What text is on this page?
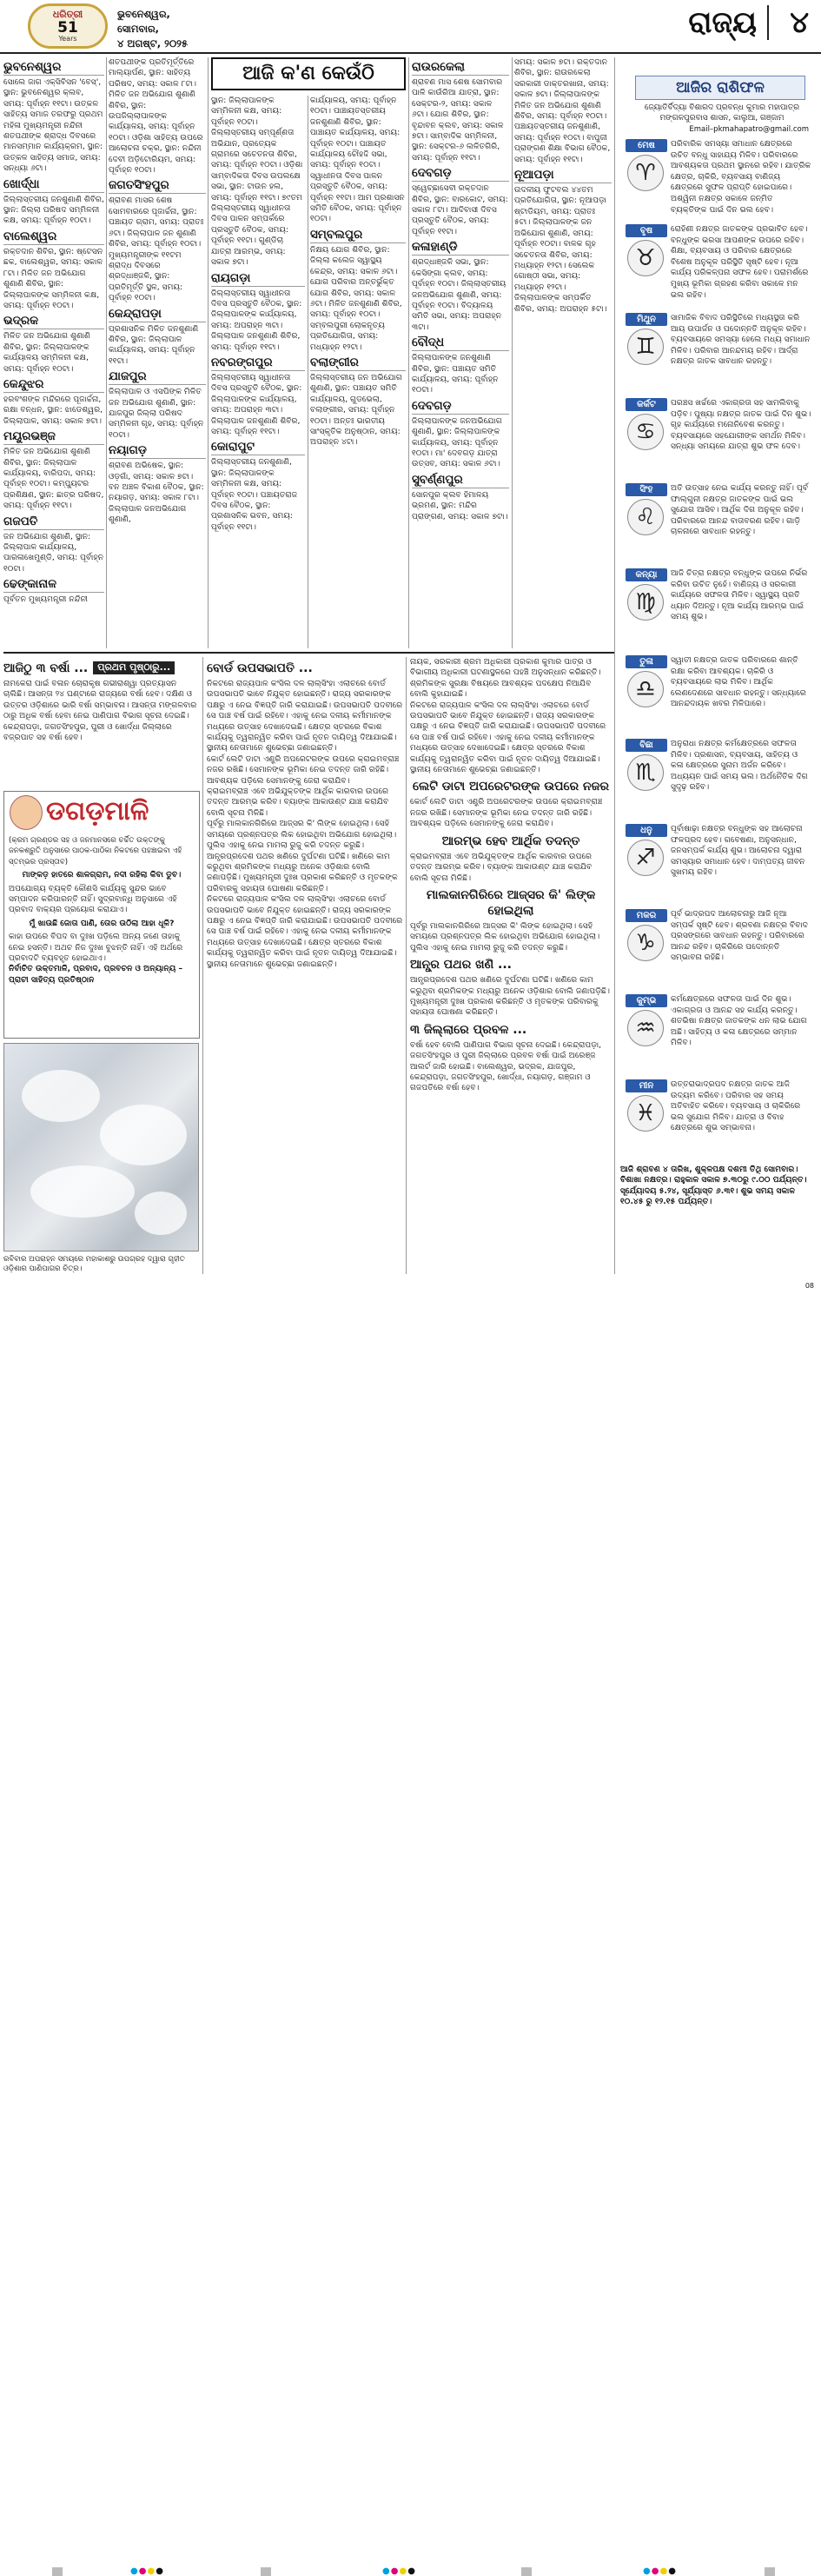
ଧରିତ୍ରୀ
51
Years
ଭୁବନେଶ୍ୱର, ସୋମବାର,
୪ ଅଗଷ୍ଟ, ୨୦୨୫
ରାଜ୍ୟ	୪
ଆଜି କ'ଣ କେଉଁଠି
ଭୁବନେଶ୍ୱର

ସୋଲେ ଜାଗ ଏକ୍ସିବିସନ 'ବେସ୍', ସ୍ଥାନ: ଭୁବନେଶ୍ୱର କ୍ଲବ, ସମୟ: ପୂର୍ବାହ୍ନ ୧୧ଟା। ଉତ୍କଳ ସାହିତ୍ୟ ସମାଜ ତରଫରୁ ପ୍ରଥମ ମହିଳା ମୁଖ୍ୟମନ୍ତ୍ରୀ ନନ୍ଦିନୀ ଶତପଥୀଙ୍କ ଶ୍ରାଦ୍ଧ ଦିବସରେ ମାନସମ୍ମାନ କାର୍ଯ୍ୟକ୍ରମ, ସ୍ଥାନ: ଉତ୍କଳ ସାହିତ୍ୟ ସମାଜ, ସମୟ: ସନ୍ଧ୍ୟା ୬ଟା।

ଖୋର୍ଦ୍ଧା

ଜିଲ୍ଲାସ୍ତରୀୟ ଜନଶୁଣାଣି ଶିବିର, ସ୍ଥାନ: ଜିଲ୍ଲା ପରିଷଦ ସମ୍ମିଳନୀ କକ୍ଷ, ସମୟ: ପୂର୍ବାହ୍ନ ୧୦ଟା।

ବାଲେଶ୍ୱର

ରକ୍ତଦାନ ଶିବିର, ସ୍ଥାନ: ଷ୍ଟେସନ ଛକ, ବାଲେଶ୍ୱର, ସମୟ: ସକାଳ ୮ଟା। ମିଳିତ ଜନ ଅଭିଯୋଗ ଶୁଣାଣି ଶିବିର, ସ୍ଥାନ: ଜିଲ୍ଲାପାଳଙ୍କ ସମ୍ମିଳନୀ କକ୍ଷ, ସମୟ: ପୂର୍ବାହ୍ନ ୧୦ଟା।

ଭଦ୍ରକ

ମିଳିତ ଜନ ଅଭିଯୋଗ ଶୁଣାଣି ଶିବିର, ସ୍ଥାନ: ଜିଲ୍ଲାପାଳଙ୍କ କାର୍ଯ୍ୟାଳୟ ସମ୍ମିଳନୀ କକ୍ଷ, ସମୟ: ପୂର୍ବାହ୍ନ ୧୦ଟା।

କେନ୍ଦୁଝର

ହରବଂଶଙ୍କ ମନ୍ଦିରରେ ପୂଜାର୍ଚ୍ଚନା, ରକ୍ଷା ବନ୍ଧନ, ସ୍ଥାନ: ଝାଡେଶ୍ୱର, ଜିଲ୍ଲାପାଳ, ସମୟ: ସକାଳ ୭ଟା।

ମୟୂରଭଞ୍ଜ

ମିଳିତ ଜନ ଅଭିଯୋଗ ଶୁଣାଣି ଶିବିର, ସ୍ଥାନ: ଜିଲ୍ଲାପାଳ କାର୍ଯ୍ୟାଳୟ, ବାରିପଦା, ସମୟ: ପୂର୍ବାହ୍ନ ୧୦ଟା। କମ୍ପ୍ୟୁଟର ପ୍ରଶିକ୍ଷଣ, ସ୍ଥାନ: ଛାତ୍ର ପରିଷଦ, ସମୟ: ପୂର୍ବାହ୍ନ ୧୧ଟା।

ଗଜପତି

ଜନ ଅଭିଯୋଗ ଶୁଣାଣି, ସ୍ଥାନ: ଜିଲ୍ଲାପାଳ କାର୍ଯ୍ୟାଳୟ, ପାରଳାଖେମୁଣ୍ଡି, ସମୟ: ପୂର୍ବାହ୍ନ ୧୦ଟା।

ଢେଙ୍କାନାଳ

ପୂର୍ବତନ ମୁଖ୍ୟମନ୍ତ୍ରୀ ନନ୍ଦିନୀ

ଶତପଥୀଙ୍କ ପ୍ରତିମୂର୍ତ୍ତିରେ ମାଲ୍ୟାର୍ପଣ, ସ୍ଥାନ: ସାହିତ୍ୟ ପରିଷଦ, ସମୟ: ସକାଳ ୮ଟା। ମିଳିତ ଜନ ଅଭିଯୋଗ ଶୁଣାଣି ଶିବିର, ସ୍ଥାନ: ଉପଜିଲ୍ଲାପାଳଙ୍କ କାର୍ଯ୍ୟାଳୟ, ସମୟ: ପୂର୍ବାହ୍ନ ୧୦ଟା। ଓଡ଼ିଶା ସାହିତ୍ୟ ଉପରେ ଆଲୋଚନା ଚକ୍ର, ସ୍ଥାନ: ନନ୍ଦିନୀ ଦେବୀ ଅଡ଼ିଟୋରିୟମ, ସମୟ: ପୂର୍ବାହ୍ନ ୧୦ଟା।

ଜଗତସିଂହପୁର

ଶ୍ରାବଣ ମାସର ଶେଷ ସୋମବାରରେ ପୂଜାର୍ଚ୍ଚନା, ସ୍ଥାନ: ପଞ୍ଚାୟତ ଗ୍ରାମ, ସମୟ: ପ୍ରାତଃ ୬ଟା। ଜିଲ୍ଲାପାଳ ଜନ ଶୁଣାଣି ଶିବିର, ସମୟ: ପୂର୍ବାହ୍ନ ୧୦ଟା। ମୁଖ୍ୟମନ୍ତ୍ରୀଙ୍କ ୧୧ଟମ ଶ୍ରାଦ୍ଧ ଦିବସରେ ଶ୍ରଦ୍ଧାଞ୍ଜଳି, ସ୍ଥାନ: ପ୍ରତିମୂର୍ତ୍ତି ସ୍ଥଳ, ସମୟ: ପୂର୍ବାହ୍ନ ୧୦ଟା।

କେନ୍ଦ୍ରାପଡ଼ା

ପ୍ରଶାସନିକ ମିଳିତ ଜନଶୁଣାଣି ଶିବିର, ସ୍ଥାନ: ଜିଲ୍ଲାପାଳ କାର୍ଯ୍ୟାଳୟ, ସମୟ: ପୂର୍ବାହ୍ନ ୧୧ଟା।

ଯାଜପୁର

ଜିଲ୍ଲାପାଳ ଓ ଏସପିଙ୍କ ମିଳିତ ଜନ ଅଭିଯୋଗ ଶୁଣାଣି, ସ୍ଥାନ: ଯାଜପୁର ଜିଲ୍ଲା ପରିଷଦ ସମ୍ମିଳନୀ ଗୃହ, ସମୟ: ପୂର୍ବାହ୍ନ ୧୦ଟା।

ନୟାଗଡ଼

ଶ୍ରାବଣ ଅଭିଷେକ, ସ୍ଥାନ: ଓଡ଼ଗାଁ, ସମୟ: ସକାଳ ୭ଟା। ବନ ଅଞ୍ଚଳ ବିକାଶ ବୈଠକ, ସ୍ଥାନ: ନୟାଗଡ଼, ସମୟ: ସକାଳ ୮ଟା। ଜିଲ୍ଲାପାଳ ଜନଅଭିଯୋଗ ଶୁଣାଣି,

ସ୍ଥାନ: ଜିଲ୍ଲାପାଳଙ୍କ ସମ୍ମିଳନୀ କକ୍ଷ, ସମୟ: ପୂର୍ବାହ୍ନ ୧୦ଟା। ଜିଲ୍ଲାସ୍ତରୀୟ ସମ୍ପୂର୍ଣ୍ଣତା ଅଭିଯାନ, ପ୍ରତ୍ୟେକ ଗ୍ରାମରେ ସଚେତନତା ଶିବିର, ସମୟ: ପୂର୍ବାହ୍ନ ୧୦ଟା। ଓଡ଼ିଶା ସାମ୍ବାଦିକତା ଦିବସ ଉପଲକ୍ଷେ ସଭା, ସ୍ଥାନ: ଟାଉନ ହଲ, ସମୟ: ପୂର୍ବାହ୍ନ ୧୧ଟା। ୭୯ତମ ଜିଲ୍ଲାସ୍ତରୀୟ ସ୍ୱାଧୀନତା ଦିବସ ପାଳନ ସମ୍ପର୍କରେ ପ୍ରସ୍ତୁତି ବୈଠକ, ସମୟ: ପୂର୍ବାହ୍ନ ୧୧ଟା। ଗୁଣ୍ଡିଚା ଯାତ୍ରା ଆରମ୍ଭ, ସମୟ: ସକାଳ ୭ଟା।

ରାୟଗଡ଼ା

ଜିଲ୍ଲାସ୍ତରୀୟ ସ୍ୱାଧୀନତା ଦିବସ ପ୍ରସ୍ତୁତି ବୈଠକ, ସ୍ଥାନ: ଜିଲ୍ଲାପାଳଙ୍କ କାର୍ଯ୍ୟାଳୟ, ସମୟ: ଅପରାହ୍ନ ୩ଟା। ଜିଲ୍ଲାପାଳ ଜନଶୁଣାଣି ଶିବିର, ସମୟ: ପୂର୍ବାହ୍ନ ୧୧ଟା।

ନବରଙ୍ଗପୁର

ଜିଲ୍ଲାସ୍ତରୀୟ ସ୍ୱାଧୀନତା ଦିବସ ପ୍ରସ୍ତୁତି ବୈଠକ, ସ୍ଥାନ: ଜିଲ୍ଲାପାଳଙ୍କ କାର୍ଯ୍ୟାଳୟ, ସମୟ: ଅପରାହ୍ନ ୩ଟା। ଜିଲ୍ଲାପାଳ ଜନଶୁଣାଣି ଶିବିର, ସମୟ: ପୂର୍ବାହ୍ନ ୧୧ଟା।

କୋରାପୁଟ

ଜିଲ୍ଲାସ୍ତରୀୟ ଜନଶୁଣାଣି, ସ୍ଥାନ: ଜିଲ୍ଲାପାଳଙ୍କ ସମ୍ମିଳନୀ କକ୍ଷ, ସମୟ: ପୂର୍ବାହ୍ନ ୧୦ଟା। ପଞ୍ଚାୟତରାଜ ଦିବସ ବୈଠକ, ସ୍ଥାନ: ପ୍ରଶାସନିକ ଭବନ, ସମୟ: ପୂର୍ବାହ୍ନ ୧୧ଟା।

କାର୍ଯ୍ୟାଳୟ, ସମୟ: ପୂର୍ବାହ୍ନ ୧୦ଟା। ପାଞ୍ଚାୟତସ୍ତରୀୟ ଜନଶୁଣାଣି ଶିବିର, ସ୍ଥାନ: ପାଞ୍ଚାୟତ କାର୍ଯ୍ୟାଳୟ, ସମୟ: ପୂର୍ବାହ୍ନ ୧୦ଟା। ପାଞ୍ଚାୟତ କାର୍ଯ୍ୟାଳୟ ଚୌହଦ୍ଦି ସଭା, ସମୟ: ପୂର୍ବାହ୍ନ ୧୦ଟା। ସ୍ୱାଧୀନତା ଦିବସ ପାଳନ ପ୍ରସ୍ତୁତି ବୈଠକ, ସମୟ: ପୂର୍ବାହ୍ନ ୧୧ଟା। ଆମ ପ୍ରଶାସନ ସମିତି ବୈଠକ, ସମୟ: ପୂର୍ବାହ୍ନ ୧୦ଟା।

ସମ୍ବଲପୁର

ନିକ୍ଷୟ ଯୋଗ ଶିବିର, ସ୍ଥାନ: ଜିଲ୍ଲା କଲେଜ ସ୍ୱାସ୍ଥ୍ୟ କେନ୍ଦ୍ର, ସମୟ: ସକାଳ ୬ଟା। ଯୋଗ ପରିବାର ଅନ୍ତର୍ଭୁକ୍ତ ଯୋଗ ଶିବିର, ସମୟ: ସକାଳ ୬ଟା। ମିଳିତ ଜନଶୁଣାଣି ଶିବିର, ସମୟ: ପୂର୍ବାହ୍ନ ୧୦ଟା। ସମ୍ବଲପୁରୀ ଲୋକନୃତ୍ୟ ପ୍ରତିଯୋଗିତା, ସମୟ: ମଧ୍ୟାହ୍ନ ୧୨ଟା।

ବଲାଙ୍ଗୀର

ଜିଲ୍ଲାସ୍ତରୀୟ ଜନ ଅଭିଯୋଗ ଶୁଣାଣି, ସ୍ଥାନ: ପଞ୍ଚାୟତ ସମିତି କାର୍ଯ୍ୟାଳୟ, ଗୁଡଭେଲା, ବଲାଙ୍ଗୀର, ସମୟ: ପୂର୍ବାହ୍ନ ୧୦ଟା। ଅନ୍ତଃ ଭାରତୀୟ ସାଂସ୍କୃତିକ ଅନୁଷ୍ଠାନ, ସମୟ: ଅପରାହ୍ନ ୪ଟା।

ରାଉରକେଲା

ଶ୍ରାବଣ ମାସ ଶେଷ ସୋମବାର ପାଳି କାଉଁରିଆ ଯାତ୍ରା, ସ୍ଥାନ: ସେକ୍ଟର-୨, ସମୟ: ସକାଳ ୬ଟା। ଯୋଗ ଶିବିର, ସ୍ଥାନ: ବୃନ୍ଦାବନ କ୍ଲବ, ସମୟ: ସକାଳ ୭ଟା। ସାମ୍ବାଦିକ ସମ୍ମିଳନୀ, ସ୍ଥାନ: ସେକ୍ଟର-୬ ଲଳିତଗିରି, ସମୟ: ପୂର୍ବାହ୍ନ ୧୧ଟା।

ଦେବଗଡ଼

ସ୍ୱେଚ୍ଛାସେବୀ ରକ୍ତଦାନ ଶିବିର, ସ୍ଥାନ: ବାରକୋଟ, ସମୟ: ସକାଳ ୮ଟା। ଆଦିବାସୀ ଦିବସ ପ୍ରସ୍ତୁତି ବୈଠକ, ସମୟ: ପୂର୍ବାହ୍ନ ୧୧ଟା।

କଳାହାଣ୍ଡି

ଶ୍ରଦ୍ଧାଞ୍ଜଳି ସଭା, ସ୍ଥାନ: କେସିଙ୍ଗା କ୍ଲବ, ସମୟ: ପୂର୍ବାହ୍ନ ୧୦ଟା। ଜିଲ୍ଲାସ୍ତରୀୟ ଜନଅଭିଯୋଗ ଶୁଣାଣି, ସମୟ: ପୂର୍ବାହ୍ନ ୧୦ଟା। ବିଦ୍ୟାଳୟ ସମିତି ସଭା, ସମୟ: ଅପରାହ୍ନ ୩ଟା।

ବୌଦ୍ଧ

ଜିଲ୍ଲାପାଳଙ୍କ ଜନଶୁଣାଣି ଶିବିର, ସ୍ଥାନ: ପଞ୍ଚାୟତ ସମିତି କାର୍ଯ୍ୟାଳୟ, ସମୟ: ପୂର୍ବାହ୍ନ ୧୦ଟା।

ଦେବଗଡ଼

ଜିଲ୍ଲାପାଳଙ୍କ ଜନଅଭିଯୋଗ ଶୁଣାଣି, ସ୍ଥାନ: ଜିଲ୍ଲାପାଳଙ୍କ କାର୍ଯ୍ୟାଳୟ, ସମୟ: ପୂର୍ବାହ୍ନ ୧୦ଟା। ମା' ଦେବଗଡ଼ ଯାତ୍ରା ଉତ୍ସବ, ସମୟ: ସକାଳ ୬ଟା।

ସୁବର୍ଣ୍ଣପୁର

ସୋନପୁର କ୍ଲବ ହିମାଳୟ ଭ୍ରମଣ, ସ୍ଥାନ: ମନ୍ଦିର ପ୍ରାଙ୍ଗଣ, ସମୟ: ସକାଳ ୭ଟା।

ସମୟ: ସକାଳ ୭ଟା। ରକ୍ତଦାନ ଶିବିର, ସ୍ଥାନ: ରାଉରକେଲା ସରକାରୀ ଡାକ୍ତରଖାନା, ସମୟ: ସକାଳ ୭ଟା। ଜିଲ୍ଲାପାଳଙ୍କ ମିଳିତ ଜନ ଅଭିଯୋଗ ଶୁଣାଣି ଶିବିର, ସମୟ: ପୂର୍ବାହ୍ନ ୧୦ଟା। ପଞ୍ଚାୟତସ୍ତରୀୟ ଜନଶୁଣାଣି, ସମୟ: ପୂର୍ବାହ୍ନ ୧୦ଟା। ବାପୁଜୀ ପ୍ରାଙ୍ଗଣ ଶିକ୍ଷା ବିଭାଗ ବୈଠକ, ସମୟ: ପୂର୍ବାହ୍ନ ୧୧ଟା।

ନୂଆପଡ଼ା

ଉଦଳୀୟ ଫୁଟବଲ ୪୪ତମ ପ୍ରତିଯୋଗିତା, ସ୍ଥାନ: ନୂଆପଡ଼ା ଷ୍ଟାଡିୟମ, ସମୟ: ପ୍ରାତଃ ୫ଟା। ଜିଲ୍ଲାପାଳଙ୍କ ଜନ ଅଭିଯୋଗ ଶୁଣାଣି, ସମୟ: ପୂର୍ବାହ୍ନ ୧୦ଟା। ବାଳକ ଗୃହ ସଚେତନତା ଶିବିର, ସମୟ: ମଧ୍ୟାହ୍ନ ୧୨ଟା। ସେଲେକ ଗୋଷ୍ଠୀ ସଭା, ସମୟ: ମଧ୍ୟାହ୍ନ ୧୨ଟା। ଜିଲ୍ଲାପାଳଙ୍କ ସମ୍ପର୍କିତ ଶିବିର, ସମୟ: ଅପରାହ୍ନ ୫ଟା।

ଆଜିର ରାଶିଫଳ
ଜ୍ୟୋତିର୍ବିଦ୍ୟା ବିଶାରଦ ପ୍ରବନ୍ଧ କୁମାର ମହାପାତ୍ର ମଙ୍ଗଳପୁରବାସ ଶାସନ, କାଲୁଆ, ଗଞ୍ଜାମ
Email–pkmahapatro@gmail.com
ମେଷ
♈
ପରିବାରିକ ସମସ୍ୟା ସମାଧାନ କ୍ଷେତ୍ରରେ ଉଚିତ ବନ୍ଧୁ ସାହାଯ୍ୟ ମିଳିବ। ପରିବାରରେ ଆବଶ୍ୟକତା ପ୍ରଥମ ସ୍ଥାନରେ ରହିବ। ଯାତ୍ରିକ କ୍ଷେତ୍ର, ଚାକିରି, ବ୍ୟବସାୟ ବାଣିଜ୍ୟ କ୍ଷେତ୍ରରେ ସୁଫଳ ପ୍ରାପ୍ତି ହୋଇପାରେ। ଅଶ୍ୱିନୀ ନକ୍ଷତ୍ର ସକାଳେ ଜନ୍ମିତ ବ୍ୟକ୍ତିଙ୍କ ପାଇଁ ଦିନ ଭଲ ହେବ।
ବୃଷ
♉
ରୋହିଣୀ ନକ୍ଷତ୍ର ଜାତକଙ୍କ ପ୍ରଭାବିତ ହେବ। ବନ୍ଧୁଙ୍କ ଭରସା ଆପଣଙ୍କ ଉପରେ ରହିବ। ଶିକ୍ଷା, ବ୍ୟବସାୟ ଓ ପରିବାର କ୍ଷେତ୍ରରେ ବିଶେଷ ଅନୁକୂଳ ପରିସ୍ଥିତି ସୃଷ୍ଟି ହେବ। ନୂଆ କାର୍ଯ୍ୟ ପରିକଳ୍ପନା ସଫଳ ହେବ। ପରାମର୍ଶରେ ମୁଖ୍ୟ ଭୂମିକା ଗ୍ରହଣ କରିବା ସକାଳେ ମନ ଭଲ ରହିବ।
ମିଥୁନ
♊
ସାମାଜିକ ବିବାଦ ପରିସ୍ଥିତିରେ ମଧ୍ୟସ୍ଥତା କରି ଆୟ ଉପାର୍ଜନ ଓ ପଦୋନ୍ନତି ଅନୁକୂଳ ରହିବ। ବ୍ୟବସାୟରେ ସମସ୍ୟା ହେଲେ ମଧ୍ୟ ସମାଧାନ ମିଳିବ। ପରିବାର ଆନନ୍ଦମୟ ରହିବ। ଆର୍ଦ୍ରା ନକ୍ଷତ୍ର ଜାତକ ସାବଧାନ ରହନ୍ତୁ।
କର୍କଟ
♋
ପରଞ୍ଚସ ଖର୍ଚ୍ଚରେ ଏକାଗ୍ରତା ସହ ସାମଲିବାକୁ ପଡ଼ିବ। ପୁଷ୍ୟା ନକ୍ଷତ୍ର ଜାତକ ପାଇଁ ଦିନ ଶୁଭ। ଗୃହ କାର୍ଯ୍ୟରେ ମନୋନିବେଶ କରନ୍ତୁ। ବ୍ୟବସାୟରେ ସହଯୋଗୀଙ୍କ ସମର୍ଥନ ମିଳିବ। ସନ୍ଧ୍ୟା ସମୟରେ ଯାତ୍ରା ଶୁଭ ଫଳ ଦେବ।
ସିଂହ
♌
ଅତି ଉତ୍ସାହ ନେଇ କାର୍ଯ୍ୟ କରନ୍ତୁ ନାହିଁ। ପୂର୍ବ ଫାଲ୍ଗୁନୀ ନକ୍ଷତ୍ର ଜାତକଙ୍କ ପାଇଁ ଭଲ ସୁଯୋଗ ଆସିବ। ଆର୍ଥିକ ଦିଗ ଅନୁକୂଳ ରହିବ। ପରିବାରରେ ଆନନ୍ଦ ବାତାବରଣ ରହିବ। ଗାଡ଼ି ଚାଳନାରେ ସାବଧାନ ରହନ୍ତୁ।
କନ୍ୟା
♍
ଆଜି ଚିତ୍ରା ନକ୍ଷତ୍ର ବନ୍ଧୁଙ୍କ ଉପରେ ନିର୍ଭର କରିବା ଉଚିତ ନୁହେଁ। ବାଣିଜ୍ୟ ଓ ସରକାରୀ କାର୍ଯ୍ୟରେ ସଫଳତା ମିଳିବ। ସ୍ୱାସ୍ଥ୍ୟ ପ୍ରତି ଧ୍ୟାନ ଦିଅନ୍ତୁ। ନୂଆ କାର୍ଯ୍ୟ ଆରମ୍ଭ ପାଇଁ ସମୟ ଶୁଭ।
ତୁଳା
♎
ସ୍ୱାତୀ ନକ୍ଷତ୍ର ଜାତକ ପରିବାରରେ ଶାନ୍ତି ରକ୍ଷା କରିବା ଆବଶ୍ୟକ। ଚାକିରି ଓ ବ୍ୟବସାୟରେ ଲାଭ ମିଳିବ। ଆର୍ଥିକ ଲେଣଦେଣରେ ସାବଧାନ ରହନ୍ତୁ। ସନ୍ଧ୍ୟାରେ ଆନନ୍ଦଦାୟକ ଖବର ମିଳିପାରେ।
ବିଛା
♏
ଅନୁରାଧା ନକ୍ଷତ୍ର କର୍ମକ୍ଷେତ୍ରରେ ସଫଳତା ମିଳିବ। ପ୍ରଶାସନ, ବ୍ୟବସାୟ, ସାହିତ୍ୟ ଓ କଳା କ୍ଷେତ୍ରରେ ସୁନାମ ଅର୍ଜନ କରିବେ। ଅଧ୍ୟୟନ ପାଇଁ ସମୟ ଭଲ। ଅର୍ଥନୈତିକ ଦିଗ ସୁଦୃଢ଼ ରହିବ।
ଧନୁ
♐
ପୂର୍ବାଷାଢ଼ା ନକ୍ଷତ୍ର ବନ୍ଧୁଙ୍କ ସହ ଆଲୋଚନା ଫଳପ୍ରଦ ହେବ। ଗବେଷଣା, ଅନୁସନ୍ଧାନ, ଜନସମ୍ପର୍କ କାର୍ଯ୍ୟ ଶୁଭ। ଆଲୋଚନା ଦ୍ୱାରା ସମସ୍ୟାର ସମାଧାନ ହେବ। ଦାମ୍ପତ୍ୟ ଜୀବନ ସୁଖମୟ ରହିବ।
ମକର
♑
ପୂର୍ବ ଭାଦ୍ରପଦ ଆଲୋଚନାରୁ ଆଜି ନୂଆ ସମ୍ପର୍କ ସୃଷ୍ଟି ହେବ। ଶ୍ରବଣା ନକ୍ଷତ୍ର ବିବାଦ ପ୍ରସଙ୍ଗରେ ସାବଧାନ ରହନ୍ତୁ। ପରିବାରରେ ଆନନ୍ଦ ରହିବ। ଚାକିରିରେ ପଦୋନ୍ନତି ସମ୍ଭାବନା ରହିଛି।
କୁମ୍ଭ
♒
କର୍ମକ୍ଷେତ୍ରରେ ସଫଳତା ପାଇଁ ଦିନ ଶୁଭ। ଏକାଗ୍ରତା ଓ ଆନନ୍ଦ ସହ କାର୍ଯ୍ୟ କରନ୍ତୁ। ଶତଭିଷା ନକ୍ଷତ୍ର ଜାତକଙ୍କ ଧନ ଲାଭ ଯୋଗ ଅଛି। ସାହିତ୍ୟ ଓ କଳା କ୍ଷେତ୍ରରେ ସମ୍ମାନ ମିଳିବ।
ମୀନ
♓
ଉତ୍ତରାଭାଦ୍ରପଦ ନକ୍ଷତ୍ର ଜାତକ ଆଜି ଉଦ୍ୟମ କରିବେ। ପରିବାର ସହ ସମୟ ଅତିବାହିତ କରିବେ। ବ୍ୟବସାୟ ଓ ଚାକିରିରେ ଭଲ ସୁଯୋଗ ମିଳିବ। ଯାତ୍ରା ଓ ବିବାହ କ୍ଷେତ୍ରରେ ଶୁଭ ସମ୍ଭାବନା।
ଆଜି ଶ୍ରାବଣ ୪ ତାରିଖ, ଶୁକ୍ଳପକ୍ଷ ଦଶମୀ ତିଥି ସୋମବାର। ବିଶାଖା ନକ୍ଷତ୍ର। ରାହୁକାଳ ସକାଳ ୭.୩୦ରୁ ୯.୦୦ ପର୍ଯ୍ୟନ୍ତ। ସୂର୍ଯ୍ୟୋଦୟ ୫.୨୪, ସୂର୍ଯ୍ୟାସ୍ତ ୬.୩୧। ଶୁଭ ସମୟ ସକାଳ ୧୦.୪୫ ରୁ ୧୨.୧୫ ପର୍ଯ୍ୟନ୍ତ।
ଆଜିଠୁ ୩ ବର୍ଷା ...	ପ୍ରଥମ ପୃଷ୍ଠାରୁ...

ନାମକେରା ପାଇଁ ବଳାନ ଚୋରାକୃଷ ଗଭୀରାଶ୍ୱା ପ୍ରତ୍ୟାସନ ଚାଲିଛି। ଆସନ୍ତା ୨୪ ଘଣ୍ଟାରେ ରାଜ୍ୟରେ ବର୍ଷା ହେବ। ଦକ୍ଷିଣ ଓ ଉତ୍ତର ଓଡ଼ିଶାରେ ଭାରି ବର୍ଷା ସମ୍ଭାବନା। ଆସନ୍ତା ମଙ୍ଗଳବାର ଠାରୁ ଅଧିକ ବର୍ଷା ହେବା ନେଇ ପାଣିପାଗ ବିଭାଗ ସୂଚନା ଦେଇଛି। କେନ୍ଦ୍ରାପଡ଼ା, ଜଗତସିଂହପୁର, ପୁରୀ ଓ ଖୋର୍ଦ୍ଧା ଜିଲ୍ଲାରେ ବଜ୍ରପାତ ସହ ବର୍ଷା ହେବ।

ଡଗଡ଼ମାଳି

(କ୍ରମ ଗ୍ରଣ୍ଡର ସହ ଓ ଜନମାନସରେ ଚର୍ଚ୍ଚିତ ଉକ୍ତଙ୍କୁ ଜନକଶ୍ରୁତି ଅନୁସାରେ ପାଠକ-ପାଠିକା ନିକଟରେ ପହଞ୍ଚାଇବା ଏହି ସ୍ତମ୍ଭର ପ୍ରସ୍ତାବ)

ମାଙ୍କଡ଼ ହାତରେ ଶାଳଗ୍ରାମ, ନଦୀ ରହିଲା କିବା ଡୁବ।

ଅପଯୋଗ୍ୟ ବ୍ୟକ୍ତି କୌଣସି କାର୍ଯ୍ୟକୁ ସୁନ୍ଦର ଭାବେ ସମ୍ପାଦନ କରିପାରନ୍ତି ନାହିଁ। ସୁଦ୍ରବାନ୍ଧି ଅନୁସାରେ ଏହି ପ୍ରବାଦ ବାକ୍ୟର ପ୍ରୟୋଗ କରାଯାଏ।

ମୁଁ ଖାଉଛି ଜୋତା ପାଣି, ତୋର ଉଠିଲା ଆହା ଧୂଳି?

କାହା ଉପରେ ବିପଦ ବା ଦୁଃଖ ପଡ଼ିଲେ ଅନ୍ୟ ଜଣେ ତାହାକୁ ନେଇ ହସନ୍ତି। ଅଥଚ ନିଜ ଦୁଃଖ ବୁଝନ୍ତି ନାହିଁ। ଏହି ଅର୍ଥରେ ପ୍ରବାଦଟି ବ୍ୟବହୃତ ହୋଇଥାଏ।

ନିର୍ବାଚିତ ଉକ୍ତମାଳି, ପ୍ରବାଦ, ପ୍ରବଚନ ଓ ଅନ୍ୟାନ୍ୟ – ପ୍ରାଚୀ ସାହିତ୍ୟ ପ୍ରତିଷ୍ଠାନ

ରବିବାର ଅପରାହ୍ନ ସମୟରେ ମହାକାଶରୁ ଉପଗ୍ରହ ଦ୍ୱାରା ଗୃହୀତ ଓଡ଼ିଶାର ପାଣିପାଗର ଚିତ୍ର।
ବୋର୍ଡ ଉପସଭାପତି ...

ନିକଟରେ ରାଜ୍ୟପାଳ କଂସିଲ ଦଳ ଲାଲ୍ସିଂହା ଏଲାଚରେ ବୋର୍ଡ ଉପସଭାପତି ଭାବେ ନିଯୁକ୍ତ ହୋଇଛନ୍ତି। ରାଜ୍ୟ ସରକାରଙ୍କ ପକ୍ଷରୁ ଏ ନେଇ ବିଜ୍ଞପ୍ତି ଜାରି କରାଯାଇଛି। ଉପସଭାପତି ପଦବୀରେ ସେ ପାଞ୍ଚ ବର୍ଷ ପାଇଁ ରହିବେ। ଏହାକୁ ନେଇ ଦଳୀୟ କର୍ମୀମାନଙ୍କ ମଧ୍ୟରେ ଉତ୍ସାହ ଦେଖାଦେଇଛି। କ୍ଷେତ୍ର ସ୍ତରରେ ବିକାଶ କାର୍ଯ୍ୟକୁ ତ୍ୱରାନ୍ୱିତ କରିବା ପାଇଁ ନୂତନ ଦାୟିତ୍ୱ ଦିଆଯାଇଛି। ସ୍ଥାନୀୟ ନେତାମାନେ ଶୁଭେଚ୍ଛା ଜଣାଇଛନ୍ତି।

କୋର୍ଟ ଲେଟି ଡାଟା ଏଣ୍ଟ୍ରି ଅପରେଟରଙ୍କ ଉପରେ କ୍ରାଇମବ୍ରାଞ୍ଚ ନଜର ରଖିଛି। ସେମାନଙ୍କ ଭୂମିକା ନେଇ ତଦନ୍ତ ଜାରି ରହିଛି। ଆବଶ୍ୟକ ପଡ଼ିଲେ ସେମାନଙ୍କୁ ଜେରା କରାଯିବ।

କ୍ରାଇମବ୍ରାଞ୍ଚ ଏବେ ଅଭିଯୁକ୍ତଙ୍କ ଆର୍ଥିକ କାରବାର ଉପରେ ତଦନ୍ତ ଆରମ୍ଭ କରିବ। ବ୍ୟାଙ୍କ ଆକାଉଣ୍ଟ ଯାଞ୍ଚ କରାଯିବ ବୋଲି ସୂଚନା ମିଳିଛି।

ପୂର୍ବରୁ ମାଲକାନଗିରିରେ ଆଜ୍ସର କି' ଲିଙ୍କ ହୋଇଥିଲା। ସେହି ସମୟରେ ପ୍ରଶ୍ନପତ୍ର ଲିକ ହୋଇଥିବା ଅଭିଯୋଗ ହୋଇଥିଲା। ପୁଲିସ ଏହାକୁ ନେଇ ମାମଲା ରୁଜୁ କରି ତଦନ୍ତ କରୁଛି।

ଆନ୍ଧ୍ରପ୍ରଦେଶ ପଥର ଖଣିରେ ଦୁର୍ଘଟଣା ଘଟିଛି। ଖଣିରେ କାମ କରୁଥିବା ଶ୍ରମିକଙ୍କ ମଧ୍ୟରୁ ଅନେକ ଓଡ଼ିଶାର ବୋଲି ଜଣାପଡ଼ିଛି। ମୁଖ୍ୟମନ୍ତ୍ରୀ ଦୁଃଖ ପ୍ରକାଶ କରିଛନ୍ତି ଓ ମୃତକଙ୍କ ପରିବାରକୁ ସହାୟତା ଘୋଷଣା କରିଛନ୍ତି।

ନିକଟରେ ରାଜ୍ୟପାଳ କଂସିଲ ଦଳ ଲାଲ୍ସିଂହା ଏଲାଚରେ ବୋର୍ଡ ଉପସଭାପତି ଭାବେ ନିଯୁକ୍ତ ହୋଇଛନ୍ତି। ରାଜ୍ୟ ସରକାରଙ୍କ ପକ୍ଷରୁ ଏ ନେଇ ବିଜ୍ଞପ୍ତି ଜାରି କରାଯାଇଛି। ଉପସଭାପତି ପଦବୀରେ ସେ ପାଞ୍ଚ ବର୍ଷ ପାଇଁ ରହିବେ। ଏହାକୁ ନେଇ ଦଳୀୟ କର୍ମୀମାନଙ୍କ ମଧ୍ୟରେ ଉତ୍ସାହ ଦେଖାଦେଇଛି। କ୍ଷେତ୍ର ସ୍ତରରେ ବିକାଶ କାର୍ଯ୍ୟକୁ ତ୍ୱରାନ୍ୱିତ କରିବା ପାଇଁ ନୂତନ ଦାୟିତ୍ୱ ଦିଆଯାଇଛି। ସ୍ଥାନୀୟ ନେତାମାନେ ଶୁଭେଚ୍ଛା ଜଣାଇଛନ୍ତି।

ନାୟକ, ସରକାରୀ ଶ୍ରମ ଅଧିକାରୀ ପ୍ରକାଶ କୁମାର ପାତ୍ର ଓ ବିଭାଗୀୟ ଅଧିକାରୀ ଘଟଣାସ୍ଥଳରେ ପହଞ୍ଚି ଅନୁସନ୍ଧାନ କରିଛନ୍ତି। ଶ୍ରମିକଙ୍କ ସୁରକ୍ଷା ବିଷୟରେ ଆବଶ୍ୟକ ପଦକ୍ଷେପ ନିଆଯିବ ବୋଲି କୁହାଯାଇଛି।

ନିକଟରେ ରାଜ୍ୟପାଳ କଂସିଲ ଦଳ ଲାଲ୍ସିଂହା ଏଲାଚରେ ବୋର୍ଡ ଉପସଭାପତି ଭାବେ ନିଯୁକ୍ତ ହୋଇଛନ୍ତି। ରାଜ୍ୟ ସରକାରଙ୍କ ପକ୍ଷରୁ ଏ ନେଇ ବିଜ୍ଞପ୍ତି ଜାରି କରାଯାଇଛି। ଉପସଭାପତି ପଦବୀରେ ସେ ପାଞ୍ଚ ବର୍ଷ ପାଇଁ ରହିବେ। ଏହାକୁ ନେଇ ଦଳୀୟ କର୍ମୀମାନଙ୍କ ମଧ୍ୟରେ ଉତ୍ସାହ ଦେଖାଦେଇଛି। କ୍ଷେତ୍ର ସ୍ତରରେ ବିକାଶ କାର୍ଯ୍ୟକୁ ତ୍ୱରାନ୍ୱିତ କରିବା ପାଇଁ ନୂତନ ଦାୟିତ୍ୱ ଦିଆଯାଇଛି। ସ୍ଥାନୀୟ ନେତାମାନେ ଶୁଭେଚ୍ଛା ଜଣାଇଛନ୍ତି।

ଲେଟି ଡାଟା ଅପରେଟରଙ୍କ ଉପରେ ନଜର

କୋର୍ଟ ଲେଟି ଡାଟା ଏଣ୍ଟ୍ରି ଅପରେଟରଙ୍କ ଉପରେ କ୍ରାଇମବ୍ରାଞ୍ଚ ନଜର ରଖିଛି। ସେମାନଙ୍କ ଭୂମିକା ନେଇ ତଦନ୍ତ ଜାରି ରହିଛି। ଆବଶ୍ୟକ ପଡ଼ିଲେ ସେମାନଙ୍କୁ ଜେରା କରାଯିବ।

ଆରମ୍ଭ ହେବ ଆର୍ଥିକ ତଦନ୍ତ

କ୍ରାଇମବ୍ରାଞ୍ଚ ଏବେ ଅଭିଯୁକ୍ତଙ୍କ ଆର୍ଥିକ କାରବାର ଉପରେ ତଦନ୍ତ ଆରମ୍ଭ କରିବ। ବ୍ୟାଙ୍କ ଆକାଉଣ୍ଟ ଯାଞ୍ଚ କରାଯିବ ବୋଲି ସୂଚନା ମିଳିଛି।

ମାଲକାନଗିରିରେ ଆଜ୍ସର କି' ଲିଙ୍କ ହୋଇଥିଲା

ପୂର୍ବରୁ ମାଲକାନଗିରିରେ ଆଜ୍ସର କି' ଲିଙ୍କ ହୋଇଥିଲା। ସେହି ସମୟରେ ପ୍ରଶ୍ନପତ୍ର ଲିକ ହୋଇଥିବା ଅଭିଯୋଗ ହୋଇଥିଲା। ପୁଲିସ ଏହାକୁ ନେଇ ମାମଲା ରୁଜୁ କରି ତଦନ୍ତ କରୁଛି।

ଆନ୍ଧ୍ର ପଥର ଖଣି ...

ଆନ୍ଧ୍ରପ୍ରଦେଶ ପଥର ଖଣିରେ ଦୁର୍ଘଟଣା ଘଟିଛି। ଖଣିରେ କାମ କରୁଥିବା ଶ୍ରମିକଙ୍କ ମଧ୍ୟରୁ ଅନେକ ଓଡ଼ିଶାର ବୋଲି ଜଣାପଡ଼ିଛି। ମୁଖ୍ୟମନ୍ତ୍ରୀ ଦୁଃଖ ପ୍ରକାଶ କରିଛନ୍ତି ଓ ମୃତକଙ୍କ ପରିବାରକୁ ସହାୟତା ଘୋଷଣା କରିଛନ୍ତି।

୩ ଜିଲ୍ଲାରେ ପ୍ରବଳ ...

ବର୍ଷା ହେବ ବୋଲି ପାଣିପାଗ ବିଭାଗ ସୂଚନା ଦେଇଛି। କେନ୍ଦ୍ରାପଡ଼ା, ଜଗତସିଂହପୁର ଓ ପୁରୀ ଜିଲ୍ଲାରେ ପ୍ରବଳ ବର୍ଷା ପାଇଁ ଅରେଞ୍ଜ ଆଲର୍ଟ ଜାରି ହୋଇଛି। ବାଲେଶ୍ୱର, ଭଦ୍ରକ, ଯାଜପୁର, କେନ୍ଦ୍ରାପଡ଼ା, ଜଗତସିଂହପୁର, ଖୋର୍ଦ୍ଧା, ନୟାଗଡ଼, ଗଞ୍ଜାମ ଓ ଗଜପତିରେ ବର୍ଷା ହେବ।

●●●●	●●●●	●●●●
08
